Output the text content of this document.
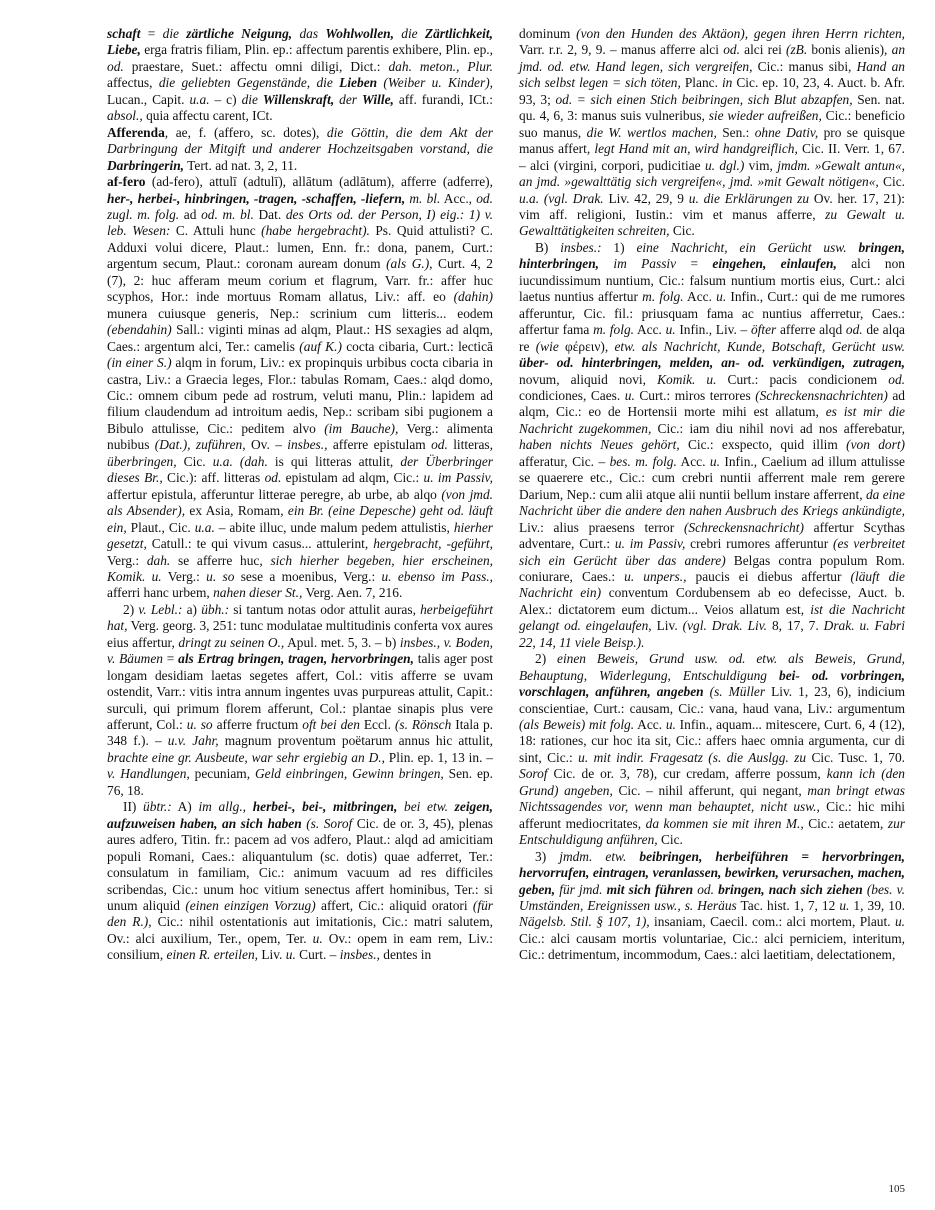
schaft = die zärtliche Neigung, das Wohlwollen, die Zärtlichkeit, Liebe, erga fratris filiam, Plin. ep.: affectum parentis exhibere, Plin. ep., od. praestare, Suet.: affectu omni diligi, Dict.: dah. meton., Plur. affectus, die geliebten Gegenstände, die Lieben (Weiber u. Kinder), Lucan., Capit. u.a. – c) die Willenskraft, der Wille, aff. furandi, ICt.: absol., quia affectu carent, ICt.

Afferenda, ae, f. (affero, sc. dotes), die Göttin, die dem Akt der Darbringung der Mitgift und anderer Hochzeitsgaben vorstand, die Darbringerin, Tert. ad nat. 3, 2, 11.

af-fero (ad-fero), attulī (adtulī), allātum (adlātum), afferre (adferre), her-, herbei-, hinbringen, -tragen, -schaffen, -liefern, m. bl. Acc., od. zugl. m. folg. ad od. m. bl. Dat. des Orts od. der Person, I) eig.: 1) v. leb. Wesen: C. Attuli hunc (habe hergebracht). Ps. Quid attulisti? C. Adduxi volui dicere, Plaut.: lumen, Enn. fr.: dona, panem, Curt.: argentum secum, Plaut.: coronam auream donum (als G.), Curt. 4, 2 (7), 2: huc afferam meum corium et flagrum, Varr. fr.: affer huc scyphos, Hor.: inde mortuus Romam allatus, Liv.: aff. eo (dahin) munera cuiusque generis, Nep.: scrinium cum litteris... eodem (ebendahin) Sall.: viginti minas ad alqm, Plaut.: HS sexagies ad alqm, Caes.: argentum alci, Ter.: camelis (auf K.) cocta cibaria, Curt.: lecticā (in einer S.) alqm in forum, Liv.: ex propinquis urbibus cocta cibaria in castra, Liv.: a Graecia leges, Flor.: tabulas Romam, Caes.: alqd domo, Cic.: omnem cibum pede ad rostrum, veluti manu, Plin.: lapidem ad filium claudendum ad introitum aedis, Nep.: scribam sibi pugionem a Bibulo attulisse, Cic.: peditem alvo (im Bauche), Verg.: alimenta nubibus (Dat.), zuführen, Ov. – insbes., afferre epistulam od. litteras, überbringen, Cic. u.a. (dah. is qui litteras attulit, der Überbringer dieses Br., Cic.): aff. litteras od. epistulam ad alqm, Cic.: u. im Passiv, affertur epistula, afferuntur litterae peregre, ab urbe, ab alqo (von jmd. als Absender), ex Asia, Romam, ein Br. (eine Depesche) geht od. läuft ein, Plaut., Cic. u.a. – abite illuc, unde malum pedem attulistis, hierher gesetzt, Catull.: te qui vivum casus... attulerint, hergebracht, -geführt, Verg.: dah. se afferre huc, sich hierher begeben, hier erscheinen, Komik. u. Verg.: u. so sese a moenibus, Verg.: u. ebenso im Pass., afferri hanc urbem, nahen dieser St., Verg. Aen. 7, 216.

2) v. Lebl.: a) übh.: si tantum notas odor attulit auras, herbeigeführt hat, Verg. georg. 3, 251: tunc modulatae multitudinis conferta vox aures eius affertur, dringt zu seinen O., Apul. met. 5, 3. – b) insbes., v. Boden, v. Bäumen = als Ertrag bringen, tragen, hervorbringen, talis ager post longam desidiam laetas segetes affert, Col.: vitis afferre se uvam ostendit, Varr.: vitis intra annum ingentes uvas purpureas attulit, Capit.: surculi, qui primum florem afferunt, Col.: plantae sinapis plus vere afferunt, Col.: u. so afferre fructum oft bei den Eccl. (s. Rönsch Itala p. 348 f.). – u.v. Jahr, magnum proventum poëtarum annus hic attulit, brachte eine gr. Ausbeute, war sehr ergiebig an D., Plin. ep. 1, 13 in. – v. Handlungen, pecuniam, Geld einbringen, Gewinn bringen, Sen. ep. 76, 18.

II) übtr.: A) im allg., herbei-, bei-, mitbringen, bei etw. zeigen, aufzuweisen haben, an sich haben (s. Sorof Cic. de or. 3, 45), plenas aures adfero, Titin. fr.: pacem ad vos adfero, Plaut.: alqd ad amicitiam populi Romani, Caes.: aliquantulum (sc. dotis) quae adferret, Ter.: consulatum in familiam, Cic.: animum vacuum ad res difficiles scribendas, Cic.: unum hoc vitium senectus affert hominibus, Ter.: si unum aliquid (einen einzigen Vorzug) affert, Cic.: aliquid oratori (für den R.), Cic.: nihil ostentationis aut imitationis, Cic.: matri salutem, Ov.: alci auxilium, Ter., opem, Ter. u. Ov.: opem in eam rem, Liv.: consilium, einen R. erteilen, Liv. u. Curt. – insbes., dentes in

dominum (von den Hunden des Aktäon), gegen ihren Herrn richten, Varr. r.r. 2, 9, 9. – manus afferre alci od. alci rei (zB. bonis alienis), an jmd. od. etw. Hand legen, sich vergreifen, Cic.: manus sibi, Hand an sich selbst legen = sich töten, Planc. in Cic. ep. 10, 23, 4. Auct. b. Afr. 93, 3; od. = sich einen Stich beibringen, sich Blut abzapfen, Sen. nat. qu. 4, 6, 3: manus suis vulneribus, sie wieder aufreißen, Cic.: beneficio suo manus, die W. wertlos machen, Sen.: ohne Dativ, pro se quisque manus affert, legt Hand mit an, wird handgreiflich, Cic. II. Verr. 1, 67. – alci (virgini, corpori, pudicitiae u. dgl.) vim, jmdm. »Gewalt antun«, an jmd. »gewalttätig sich vergreifen«, jmd. »mit Gewalt nötigen«, Cic. u.a. (vgl. Drak. Liv. 42, 29, 9 u. die Erklärungen zu Ov. her. 17, 21): vim aff. religioni, Iustin.: vim et manus afferre, zu Gewalt u. Gewalttätigkeiten schreiten, Cic.

B) insbes.: 1) eine Nachricht, ein Gerücht usw. bringen, hinterbringen, im Passiv = eingehen, einlaufen, alci non iucundissimum nuntium, Cic.: falsum nuntium mortis eius, Curt.: alci laetus nuntius affertur m. folg. Acc. u. Infin., Curt.: qui de me rumores afferuntur, Cic. fil.: priusquam fama ac nuntius afferretur, Caes.: affertur fama m. folg. Acc. u. Infin., Liv. – öfter afferre alqd od. de alqa re (wie φέρειν), etw. als Nachricht, Kunde, Botschaft, Gerücht usw. über- od. hinterbringen, melden, an- od. verkündigen, zutragen, novum, aliquid novi, Komik. u. Curt.: pacis condicionem od. condiciones, Caes. u. Curt.: miros terrores (Schreckensnachrichten) ad alqm, Cic.: eo de Hortensii morte mihi est allatum, es ist mir die Nachricht zugekommen, Cic.: iam diu nihil novi ad nos afferebatur, haben nichts Neues gehört, Cic.: exspecto, quid illim (von dort) afferatur, Cic. – bes. m. folg. Acc. u. Infin., Caelium ad illum attulisse se quaerere etc., Cic.: cum crebri nuntii afferrent male rem gerere Darium, Nep.: cum alii atque alii nuntii bellum instare afferrent, da eine Nachricht über die andere den nahen Ausbruch des Kriegs ankündigte, Liv.: alius praesens terror (Schreckensnachricht) affertur Scythas adventare, Curt.: u. im Passiv, crebri rumores afferuntur (es verbreitet sich ein Gerücht über das andere) Belgas contra populum Rom. coniurare, Caes.: u. unpers., paucis ei diebus affertur (läuft die Nachricht ein) conventum Cordubensem ab eo defecisse, Auct. b. Alex.: dictatorem eum dictum... Veios allatum est, ist die Nachricht gelangt od. eingelaufen, Liv. (vgl. Drak. Liv. 8, 17, 7. Drak. u. Fabri 22, 14, 11 viele Beisp.).

2) einen Beweis, Grund usw. od. etw. als Beweis, Grund, Behauptung, Widerlegung, Entschuldigung bei- od. vorbringen, vorschlagen, anführen, angeben (s. Müller Liv. 1, 23, 6), indicium conscientiae, Curt.: causam, Cic.: vana, haud vana, Liv.: argumentum (als Beweis) mit folg. Acc. u. Infin., aquam... mitescere, Curt. 6, 4 (12), 18: rationes, cur hoc ita sit, Cic.: affers haec omnia argumenta, cur di sint, Cic.: u. mit indir. Fragesatz (s. die Auslgg. zu Cic. Tusc. 1, 70. Sorof Cic. de or. 3, 78), cur credam, afferre possum, kann ich (den Grund) angeben, Cic. – nihil afferunt, qui negant, man bringt etwas Nichtssagendes vor, wenn man behauptet, nicht usw., Cic.: hic mihi afferunt mediocritates, da kommen sie mit ihren M., Cic.: aetatem, zur Entschuldigung anführen, Cic.

3) jmdm. etw. beibringen, herbeiführen = hervorbringen, hervorrufen, eintragen, veranlassen, bewirken, verursachen, machen, geben, für jmd. mit sich führen od. bringen, nach sich ziehen (bes. v. Umständen, Ereignissen usw., s. Heräus Tac. hist. 1, 7, 12 u. 1, 39, 10. Nägelsb. Stil. § 107, 1), insaniam, Caecil. com.: alci mortem, Plaut. u. Cic.: alci causam mortis voluntariae, Cic.: alci perniciem, interitum, Cic.: detrimentum, incommodum, Caes.: alci laetitiam, delectationem,

105
